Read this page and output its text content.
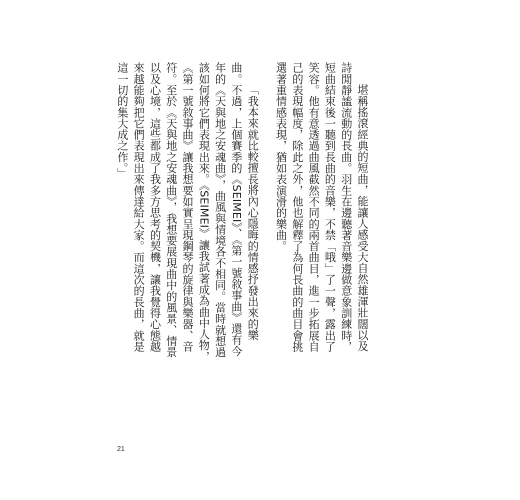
堪稱搖滾經典的短曲，能讓人感受大自然雄渾壯闊以及詩閒靜謐流動的長曲。羽生在邊聽著音樂邊做意象訓練時，短曲結束後一聽到長曲的音樂，不禁「哦」了一聲，露出了笑容。他有意透過曲風截然不同的兩首曲目，進一步拓展自己的表現幅度，除此之外，他也解釋了為何長曲的曲目會挑選著重情感表現，猶如表演滑的樂曲。

「我本來就比較擅長將內心隱晦的情感抒發出來的樂曲。不過，上個賽季的《SEIMEI》、《第一號敘事曲》還有今年的《天與地之安魂曲》，曲風與情境各不相同。當時就想過該如何將它們表現出來。《SEIMEI》讓我試著成為曲中人物，《第一號敘事曲》讓我想要如實呈現鋼琴的旋律與樂器、音符。至於《天與地之安魂曲》，我想要展現曲中的風景、情景以及心境，這些都成了我多方思考的契機，讓我覺得心態越來越能夠把它們表現出來傳達給大家。而這次的長曲，就是這一切的集大成之作。」

21
